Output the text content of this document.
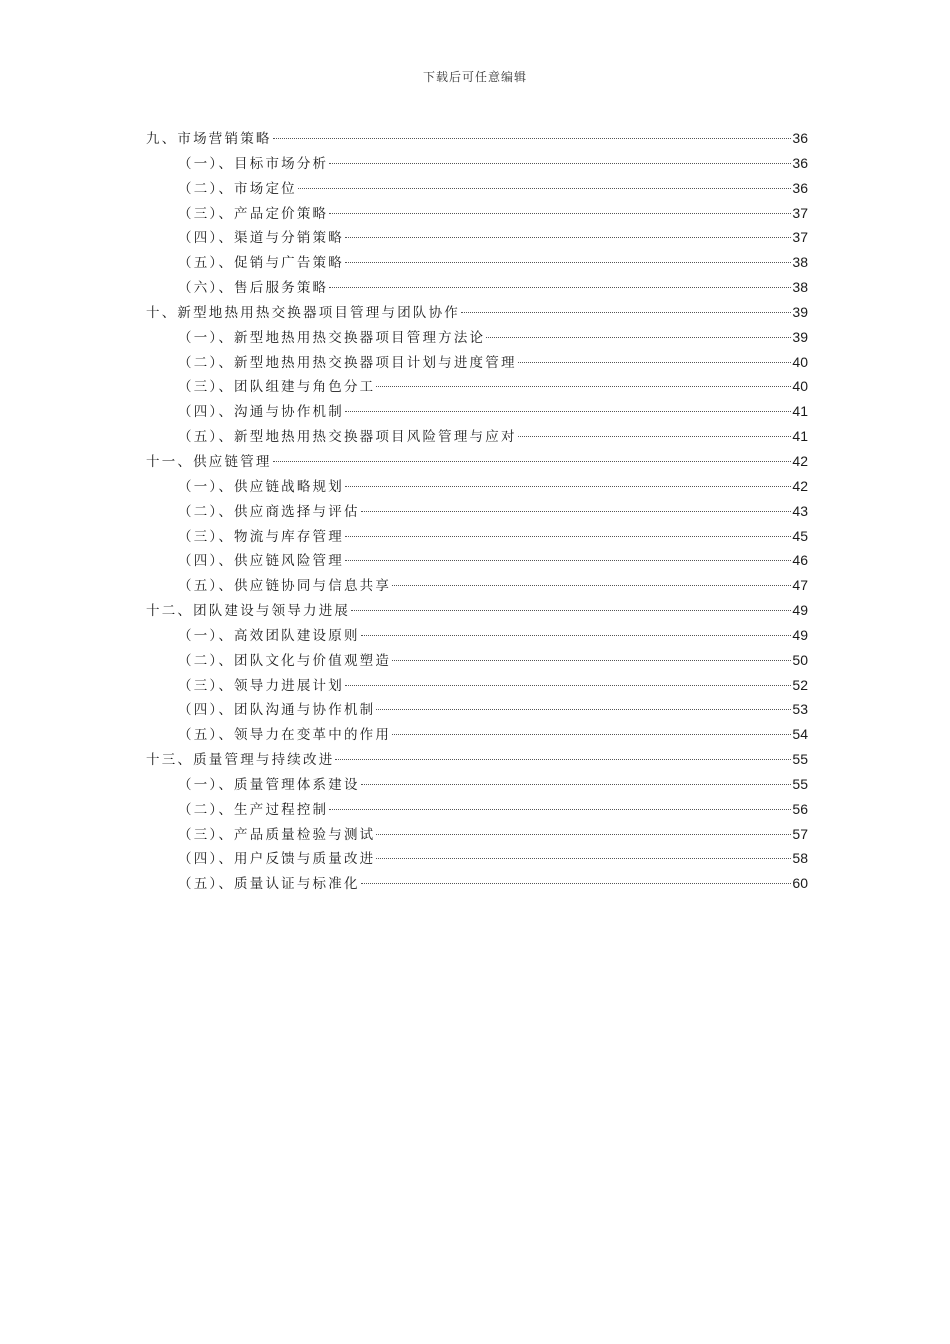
下载后可任意编辑
九、市场营销策略	36
（一）、目标市场分析	36
（二）、市场定位	36
（三）、产品定价策略	37
（四）、渠道与分销策略	37
（五）、促销与广告策略	38
（六）、售后服务策略	38
十、新型地热用热交换器项目管理与团队协作	39
（一）、新型地热用热交换器项目管理方法论	39
（二）、新型地热用热交换器项目计划与进度管理	40
（三）、团队组建与角色分工	40
（四）、沟通与协作机制	41
（五）、新型地热用热交换器项目风险管理与应对	41
十一、供应链管理	42
（一）、供应链战略规划	42
（二）、供应商选择与评估	43
（三）、物流与库存管理	45
（四）、供应链风险管理	46
（五）、供应链协同与信息共享	47
十二、团队建设与领导力进展	49
（一）、高效团队建设原则	49
（二）、团队文化与价值观塑造	50
（三）、领导力进展计划	52
（四）、团队沟通与协作机制	53
（五）、领导力在变革中的作用	54
十三、质量管理与持续改进	55
（一）、质量管理体系建设	55
（二）、生产过程控制	56
（三）、产品质量检验与测试	57
（四）、用户反馈与质量改进	58
（五）、质量认证与标准化	60
